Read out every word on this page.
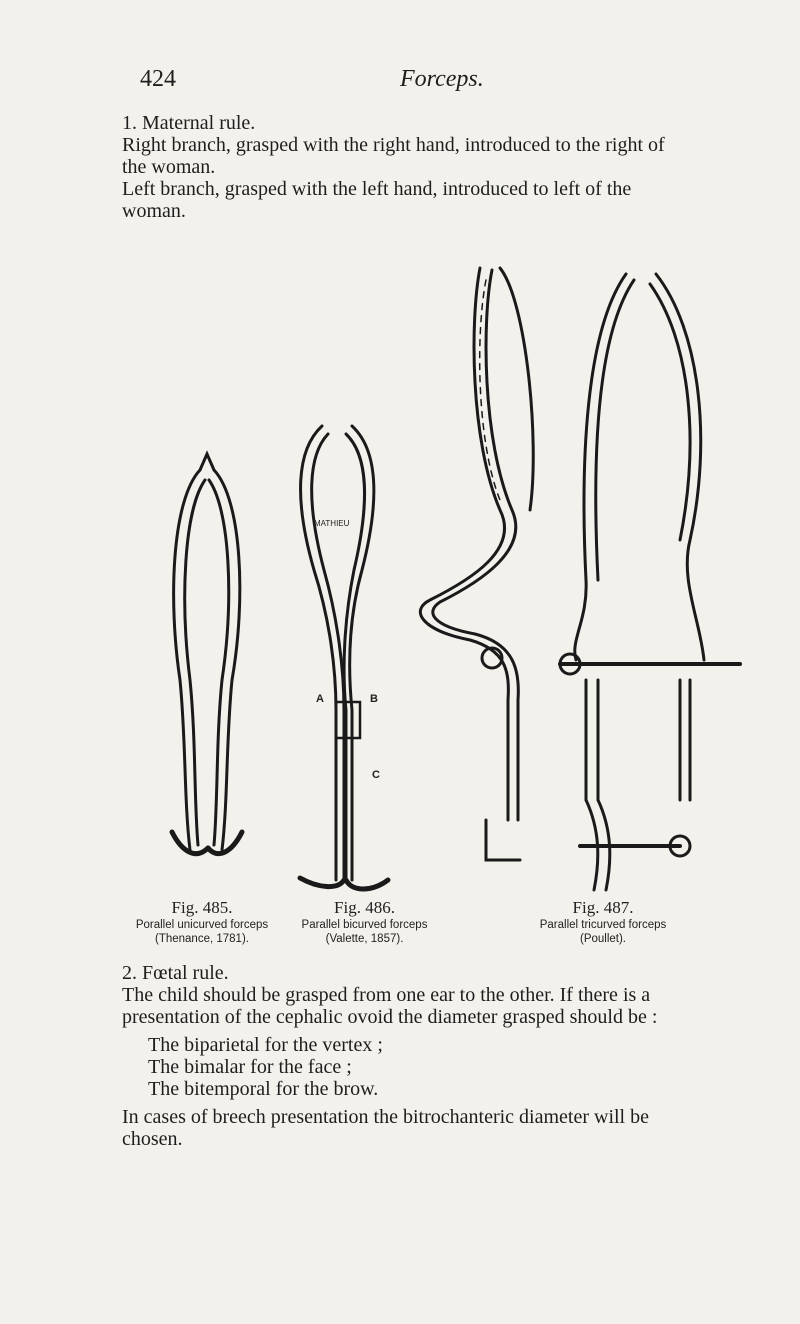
424	Forceps.

1. Maternal rule.

Right branch, grasped with the right hand, introduced to the right of the woman.

Left branch, grasped with the left hand, introduced to left of the woman.

MATHIEU
A	B
C
Fig. 485.
Porallel unicurved forceps
(Thenance, 1781).
Fig. 486.
Parallel bicurved forceps
(Valette, 1857).
Fig. 487.
Parallel tricurved forceps
(Poullet).

2. Fœtal rule.

The child should be grasped from one ear to the other. If there is a presentation of the cephalic ovoid the diameter grasped should be :

The biparietal for the vertex ;

The bimalar for the face ;

The bitemporal for the brow.

In cases of breech presentation the bitrochanteric diameter will be chosen.
